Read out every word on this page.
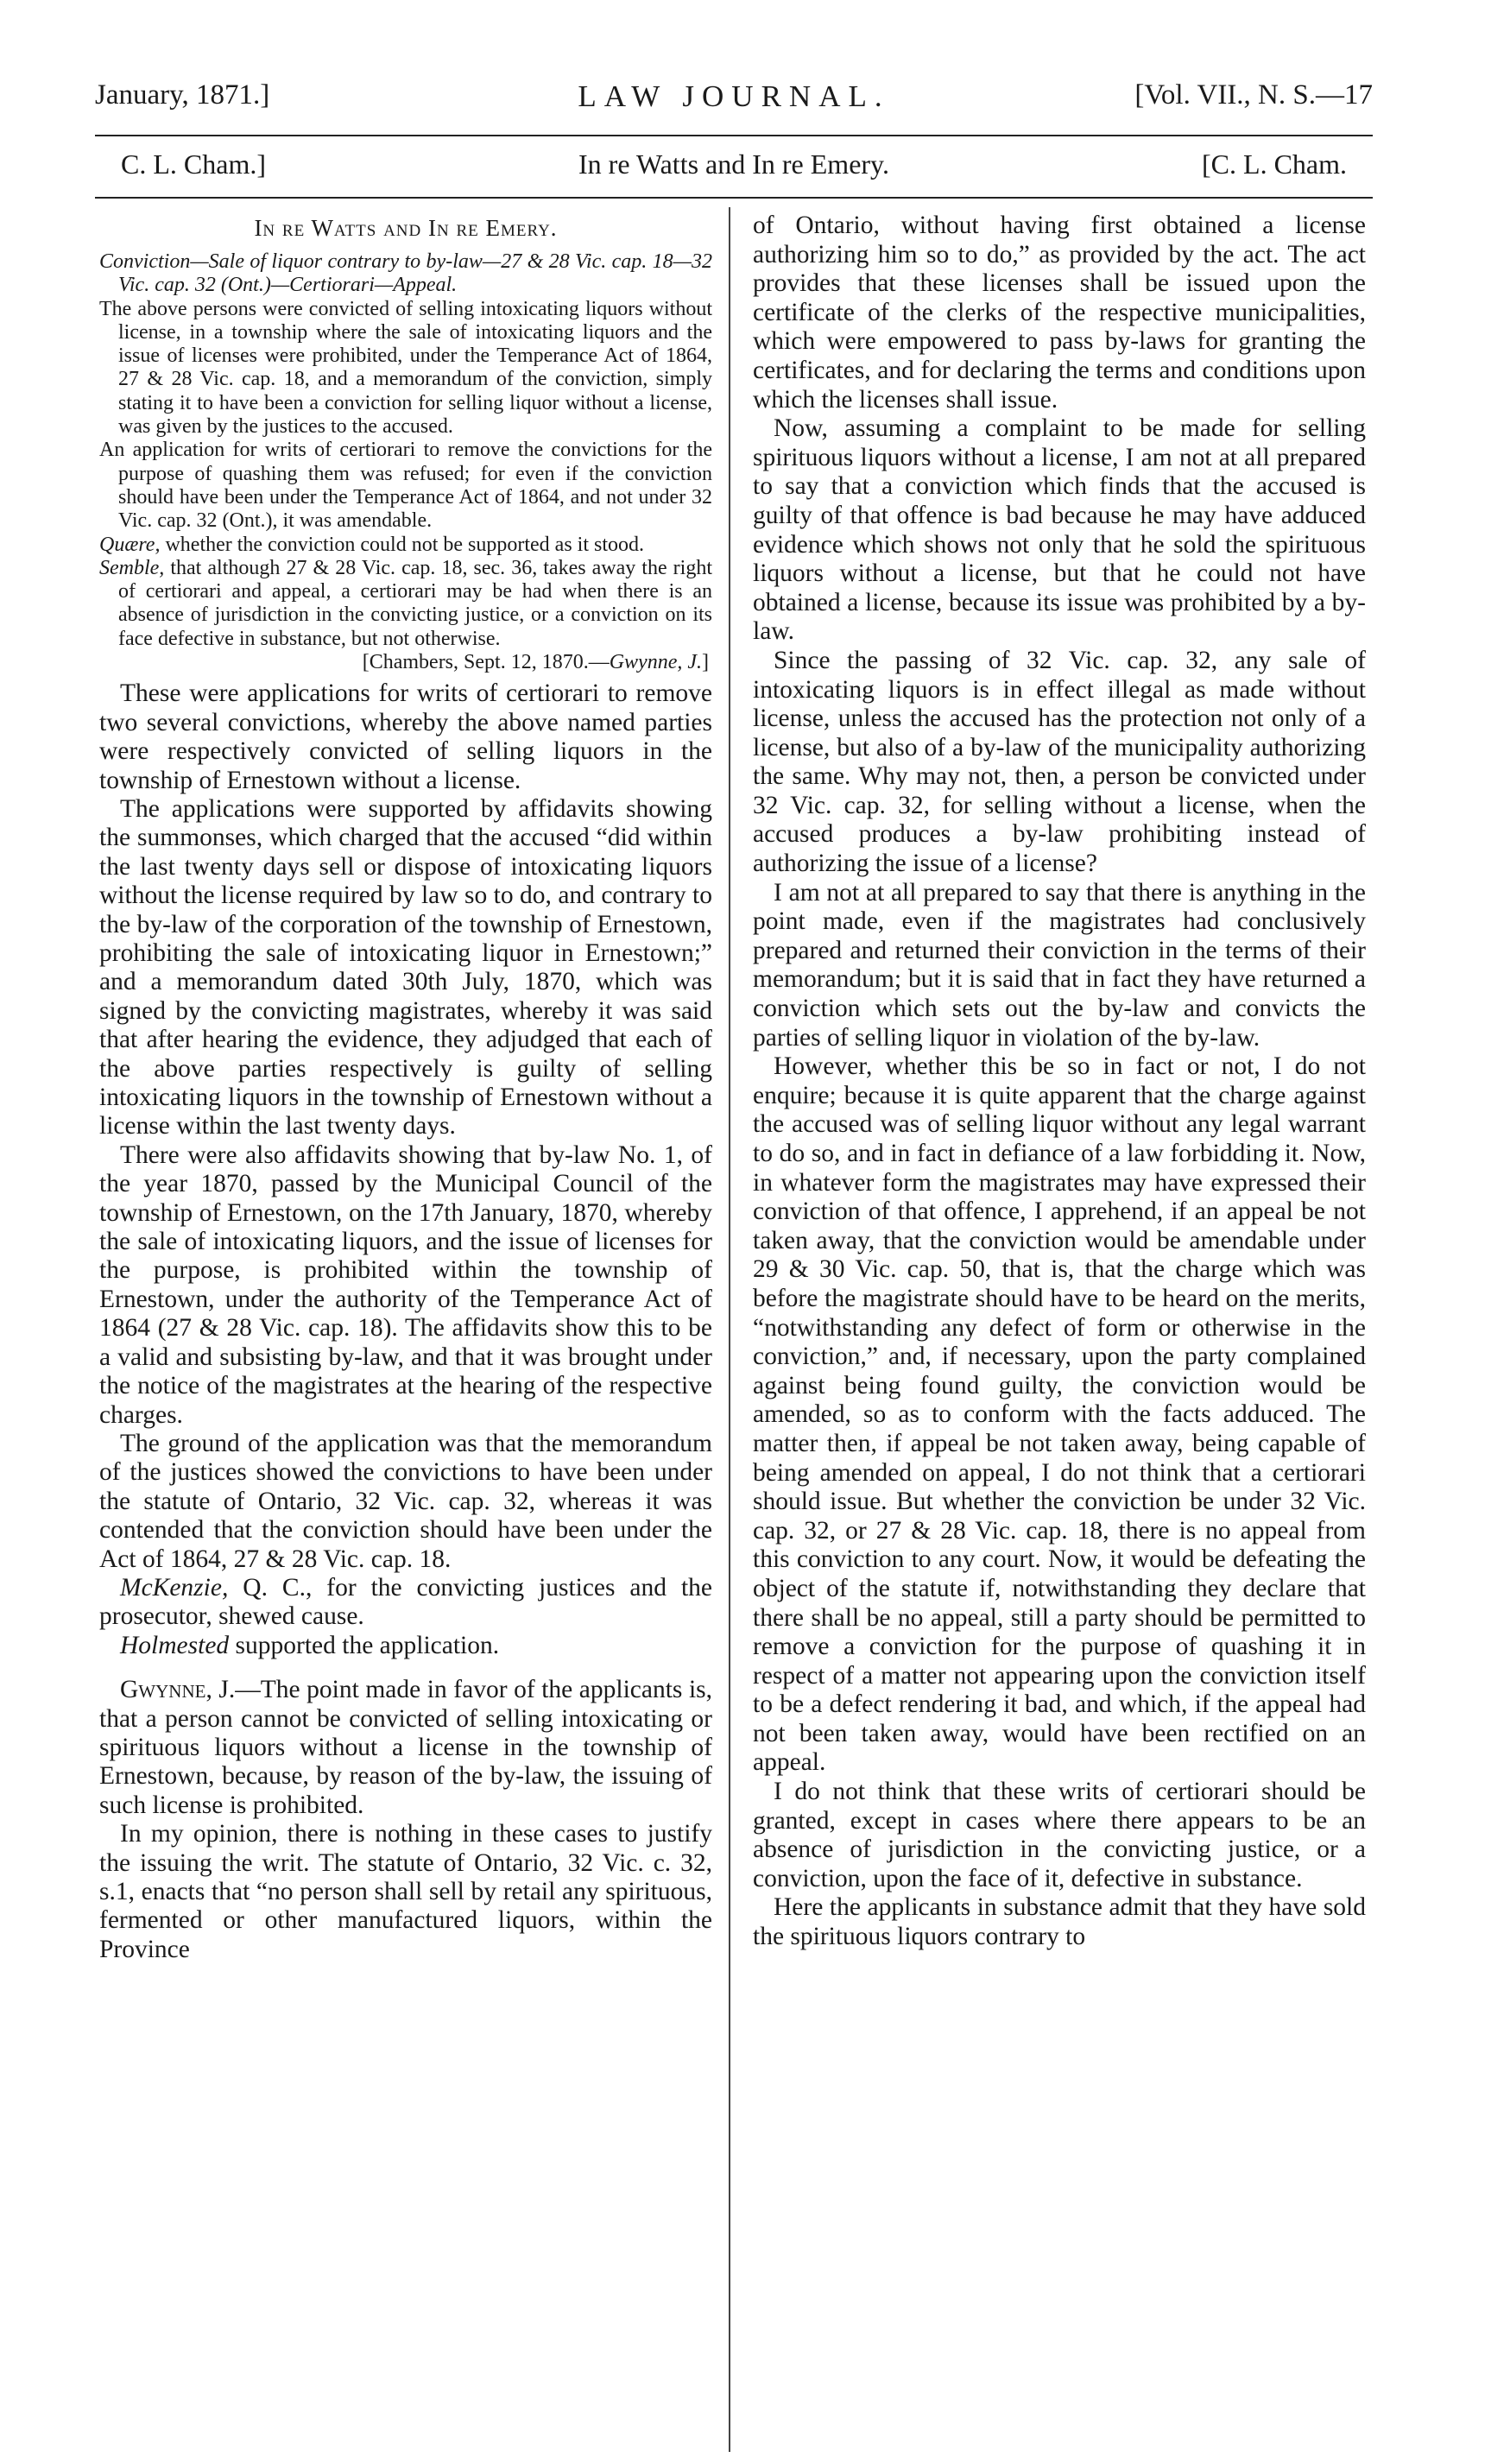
January, 1871.]	LAW JOURNAL.	[Vol. VII., N. S.—17
C. L. Cham.]	In re Watts and In re Emery.	[C. L. Cham.
In re Watts and In re Emery.

Conviction—Sale of liquor contrary to by-law—27 & 28 Vic. cap. 18—32 Vic. cap. 32 (Ont.)—Certiorari—Appeal.

The above persons were convicted of selling intoxicating liquors without license, in a township where the sale of intoxicating liquors and the issue of licenses were prohibited, under the Temperance Act of 1864, 27 & 28 Vic. cap. 18, and a memorandum of the conviction, simply stating it to have been a conviction for selling liquor without a license, was given by the justices to the accused.

An application for writs of certiorari to remove the convictions for the purpose of quashing them was refused; for even if the conviction should have been under the Temperance Act of 1864, and not under 32 Vic. cap. 32 (Ont.), it was amendable.

Quære, whether the conviction could not be supported as it stood.

Semble, that although 27 & 28 Vic. cap. 18, sec. 36, takes away the right of certiorari and appeal, a certiorari may be had when there is an absence of jurisdiction in the convicting justice, or a conviction on its face defective in substance, but not otherwise.

[Chambers, Sept. 12, 1870.—Gwynne, J.]

These were applications for writs of certiorari to remove two several convictions, whereby the above named parties were respectively convicted of selling liquors in the township of Ernestown without a license.

The applications were supported by affidavits showing the summonses, which charged that the accused “did within the last twenty days sell or dispose of intoxicating liquors without the license required by law so to do, and contrary to the by-law of the corporation of the township of Ernestown, prohibiting the sale of intoxicating liquor in Ernestown;” and a memorandum dated 30th July, 1870, which was signed by the convicting magistrates, whereby it was said that after hearing the evidence, they adjudged that each of the above parties respectively is guilty of selling intoxicating liquors in the township of Ernestown without a license within the last twenty days.

There were also affidavits showing that by-law No. 1, of the year 1870, passed by the Municipal Council of the township of Ernestown, on the 17th January, 1870, whereby the sale of intoxicating liquors, and the issue of licenses for the purpose, is prohibited within the township of Ernestown, under the authority of the Temperance Act of 1864 (27 & 28 Vic. cap. 18). The affidavits show this to be a valid and subsisting by-law, and that it was brought under the notice of the magistrates at the hearing of the respective charges.

The ground of the application was that the memorandum of the justices showed the convictions to have been under the statute of Ontario, 32 Vic. cap. 32, whereas it was contended that the conviction should have been under the Act of 1864, 27 & 28 Vic. cap. 18.

McKenzie, Q. C., for the convicting justices and the prosecutor, shewed cause.

Holmested supported the application.

Gwynne, J.—The point made in favor of the applicants is, that a person cannot be convicted of selling intoxicating or spirituous liquors without a license in the township of Ernestown, because, by reason of the by-law, the issuing of such license is prohibited.

In my opinion, there is nothing in these cases to justify the issuing the writ. The statute of Ontario, 32 Vic. c. 32, s.1, enacts that “no person shall sell by retail any spirituous, fermented or other manufactured liquors, within the Province

of Ontario, without having first obtained a license authorizing him so to do,” as provided by the act. The act provides that these licenses shall be issued upon the certificate of the clerks of the respective municipalities, which were empowered to pass by-laws for granting the certificates, and for declaring the terms and conditions upon which the licenses shall issue.

Now, assuming a complaint to be made for selling spirituous liquors without a license, I am not at all prepared to say that a conviction which finds that the accused is guilty of that offence is bad because he may have adduced evidence which shows not only that he sold the spirituous liquors without a license, but that he could not have obtained a license, because its issue was prohibited by a by-law.

Since the passing of 32 Vic. cap. 32, any sale of intoxicating liquors is in effect illegal as made without license, unless the accused has the protection not only of a license, but also of a by-law of the municipality authorizing the same. Why may not, then, a person be convicted under 32 Vic. cap. 32, for selling without a license, when the accused produces a by-law prohibiting instead of authorizing the issue of a license?

I am not at all prepared to say that there is anything in the point made, even if the magistrates had conclusively prepared and returned their conviction in the terms of their memorandum; but it is said that in fact they have returned a conviction which sets out the by-law and convicts the parties of selling liquor in violation of the by-law.

However, whether this be so in fact or not, I do not enquire; because it is quite apparent that the charge against the accused was of selling liquor without any legal warrant to do so, and in fact in defiance of a law forbidding it. Now, in whatever form the magistrates may have expressed their conviction of that offence, I apprehend, if an appeal be not taken away, that the conviction would be amendable under 29 & 30 Vic. cap. 50, that is, that the charge which was before the magistrate should have to be heard on the merits, “notwithstanding any defect of form or otherwise in the conviction,” and, if necessary, upon the party complained against being found guilty, the conviction would be amended, so as to conform with the facts adduced. The matter then, if appeal be not taken away, being capable of being amended on appeal, I do not think that a certiorari should issue. But whether the conviction be under 32 Vic. cap. 32, or 27 & 28 Vic. cap. 18, there is no appeal from this conviction to any court. Now, it would be defeating the object of the statute if, notwithstanding they declare that there shall be no appeal, still a party should be permitted to remove a conviction for the purpose of quashing it in respect of a matter not appearing upon the conviction itself to be a defect rendering it bad, and which, if the appeal had not been taken away, would have been rectified on an appeal.

I do not think that these writs of certiorari should be granted, except in cases where there appears to be an absence of jurisdiction in the convicting justice, or a conviction, upon the face of it, defective in substance.

Here the applicants in substance admit that they have sold the spirituous liquors contrary to
